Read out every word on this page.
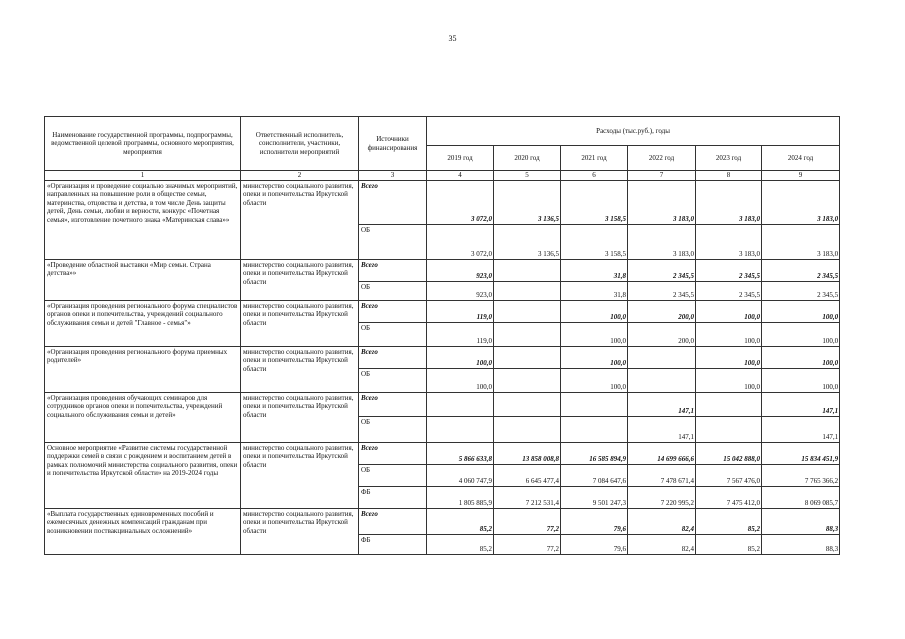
35
Наименование государственной программы, подпрограммы, ведомственной целевой программы, основного мероприятия, мероприятия	Ответственный исполнитель, соисполнители, участники, исполнители мероприятий	Источники финансирования	Расходы (тыс.руб.), годы					
			2019 год	2020 год	2021 год	2022 год	2023 год	2024 год
1	2	3	4	5	6	7	8	9
«Организация и проведение социально значимых мероприятий, направленных на повышение роли в обществе семьи, материнства, отцовства и детства, в том числе День защиты детей, День семьи, любви и верности, конкурс «Почетная семья», изготовление почетного знака «Материнская слава»»	министерство социального развития, опеки и попечительства Иркутской области	Всего	3 072,0	3 136,5	3 158,5	3 183,0	3 183,0	3 183,0
		ОБ	3 072,0	3 136,5	3 158,5	3 183,0	3 183,0	3 183,0
«Проведение областной выставки «Мир семьи. Страна детства»»	министерство социального развития, опеки и попечительства Иркутской области	Всего	923,0		31,8	2 345,5	2 345,5	2 345,5
		ОБ	923,0		31,8	2 345,5	2 345,5	2 345,5
«Организация проведения регионального форума специалистов органов опеки и попечительства, учреждений социального обслуживания семьи и детей "Главное - семья"»	министерство социального развития, опеки и попечительства Иркутской области	Всего	119,0		100,0	200,0	100,0	100,0
		ОБ	119,0		100,0	200,0	100,0	100,0
«Организация проведения регионального форума приемных родителей»	министерство социального развития, опеки и попечительства Иркутской области	Всего	100,0		100,0		100,0	100,0
		ОБ	100,0		100,0		100,0	100,0
«Организация проведения обучающих семинаров для сотрудников органов опеки и попечительства, учреждений социального обслуживания семьи и детей»	министерство социального развития, опеки и попечительства Иркутской области	Всего				147,1		147,1
		ОБ				147,1		147,1
Основное мероприятие «Развитие системы государственной поддержки семей в связи с рождением и воспитанием детей в рамках полномочий министерства социального развития, опеки и попечительства Иркутской области» на 2019-2024 годы	министерство социального развития, опеки и попечительства Иркутской области	Всего	5 866 633,8	13 858 008,8	16 585 894,9	14 699 666,6	15 042 888,0	15 834 451,9
		ОБ	4 060 747,9	6 645 477,4	7 084 647,6	7 478 671,4	7 567 476,0	7 765 366,2
		ФБ	1 805 885,9	7 212 531,4	9 501 247,3	7 220 995,2	7 475 412,0	8 069 085,7
«Выплата государственных единовременных пособий и ежемесячных денежных компенсаций гражданам при возникновении поствакцинальных осложнений»	министерство социального развития, опеки и попечительства Иркутской области	Всего	85,2	77,2	79,6	82,4	85,2	88,3
		ФБ	85,2	77,2	79,6	82,4	85,2	88,3
